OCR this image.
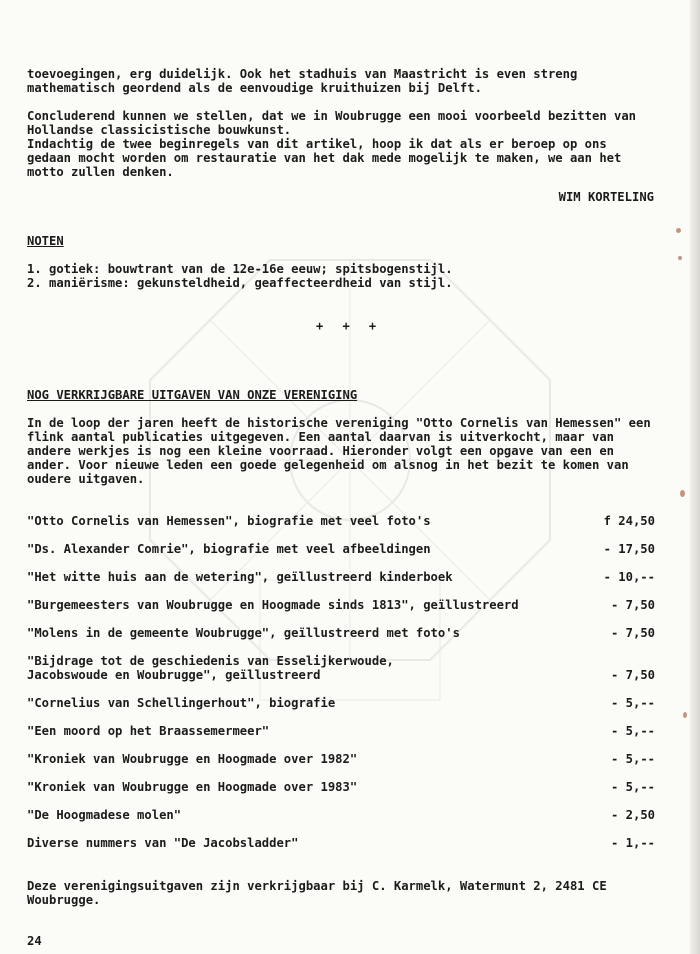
toevoegingen, erg duidelijk. Ook het stadhuis van Maastricht is even streng mathematisch geordend als de eenvoudige kruithuizen bij Delft.
Concluderend kunnen we stellen, dat we in Woubrugge een mooi voorbeeld bezitten van Hollandse classicistische bouwkunst.
Indachtig de twee beginregels van dit artikel, hoop ik dat als er beroep op ons gedaan mocht worden om restauratie van het dak mede mogelijk te maken, we aan het motto zullen denken.
WIM KORTELING
NOTEN
1. gotiek: bouwtrant van de 12e-16e eeuw; spitsbogenstijl.
2. maniërisme: gekunsteldheid, geaffecteerdheid van stijl.
+ + +
NOG VERKRIJGBARE UITGAVEN VAN ONZE VERENIGING
In de loop der jaren heeft de historische vereniging "Otto Cornelis van Hemessen" een flink aantal publicaties uitgegeven. Een aantal daarvan is uitverkocht, maar van andere werkjes is nog een kleine voorraad. Hieronder volgt een opgave van een en ander. Voor nieuwe leden een goede gelegenheid om alsnog in het bezit te komen van oudere uitgaven.
"Otto Cornelis van Hemessen", biografie met veel foto's	f 24,50
"Ds. Alexander Comrie", biografie met veel afbeeldingen	- 17,50
"Het witte huis aan de wetering", geïllustreerd kinderboek	- 10,--
"Burgemeesters van Woubrugge en Hoogmade sinds 1813", geïllustreerd	- 7,50
"Molens in de gemeente Woubrugge", geïllustreerd met foto's	- 7,50
"Bijdrage tot de geschiedenis van Esselijkerwoude,
Jacobswoude en Woubrugge", geïllustreerd	- 7,50
"Cornelius van Schellingerhout", biografie	- 5,--
"Een moord op het Braassemermeer"	- 5,--
"Kroniek van Woubrugge en Hoogmade over 1982"	- 5,--
"Kroniek van Woubrugge en Hoogmade over 1983"	- 5,--
"De Hoogmadese molen"	- 2,50
Diverse nummers van "De Jacobsladder"	- 1,--
Deze verenigingsuitgaven zijn verkrijgbaar bij C. Karmelk, Watermunt 2, 2481 CE Woubrugge.
24
